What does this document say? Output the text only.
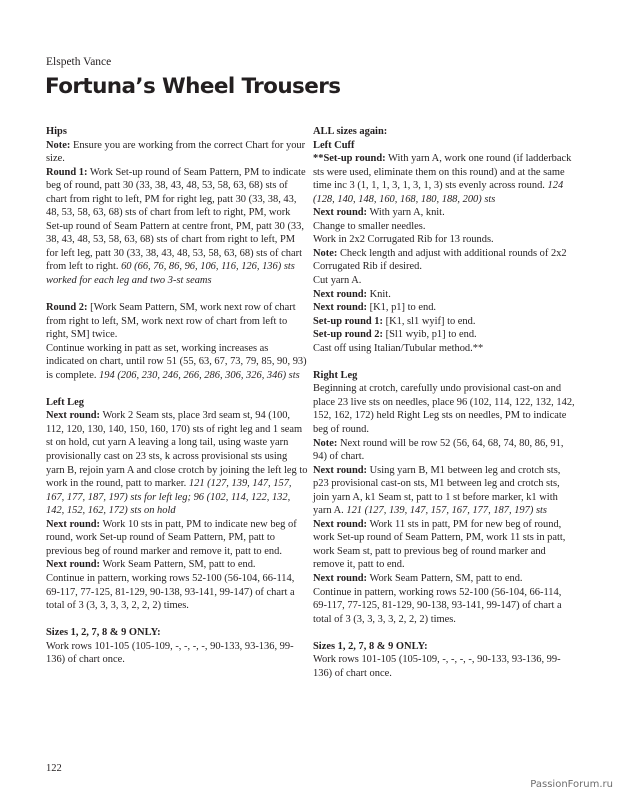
Elspeth Vance
Fortuna’s Wheel Trousers

Hips

Note: Ensure you are working from the correct Chart for your size.

Round 1: Work Set-up round of Seam Pattern, PM to indicate beg of round, patt 30 (33, 38, 43, 48, 53, 58, 63, 68) sts of chart from right to left, PM for right leg, patt 30 (33, 38, 43, 48, 53, 58, 63, 68) sts of chart from left to right, PM, work Set-up round of Seam Pattern at centre front, PM, patt 30 (33, 38, 43, 48, 53, 58, 63, 68) sts of chart from right to left, PM for left leg, patt 30 (33, 38, 43, 48, 53, 58, 63, 68) sts of chart from left to right. 60 (66, 76, 86, 96, 106, 116, 126, 136) sts worked for each leg and two 3-st seams

Round 2: [Work Seam Pattern, SM, work next row of chart from right to left, SM, work next row of chart from left to right, SM] twice.

Continue working in patt as set, working increases as indicated on chart, until row 51 (55, 63, 67, 73, 79, 85, 90, 93) is complete. 194 (206, 230, 246, 266, 286, 306, 326, 346) sts

Left Leg

Next round: Work 2 Seam sts, place 3rd seam st, 94 (100, 112, 120, 130, 140, 150, 160, 170) sts of right leg and 1 seam st on hold, cut yarn A leaving a long tail, using waste yarn provisionally cast on 23 sts, k across provisional sts using yarn B, rejoin yarn A and close crotch by joining the left leg to work in the round, patt to marker. 121 (127, 139, 147, 157, 167, 177, 187, 197) sts for left leg; 96 (102, 114, 122, 132, 142, 152, 162, 172) sts on hold

Next round: Work 10 sts in patt, PM to indicate new beg of round, work Set-up round of Seam Pattern, PM, patt to previous beg of round marker and remove it, patt to end.

Next round: Work Seam Pattern, SM, patt to end.

Continue in pattern, working rows 52-100 (56-104, 66-114, 69-117, 77-125, 81-129, 90-138, 93-141, 99-147) of chart a total of 3 (3, 3, 3, 3, 2, 2, 2) times.

Sizes 1, 2, 7, 8 & 9 ONLY:

Work rows 101-105 (105-109, -, -, -, -, 90-133, 93-136, 99-136) of chart once.

ALL sizes again:

Left Cuff

**Set-up round: With yarn A, work one round (if ladderback sts were used, eliminate them on this round) and at the same time inc 3 (1, 1, 1, 3, 1, 3, 1, 3) sts evenly across round. 124 (128, 140, 148, 160, 168, 180, 188, 200) sts

Next round: With yarn A, knit.

Change to smaller needles.

Work in 2x2 Corrugated Rib for 13 rounds.

Note: Check length and adjust with additional rounds of 2x2 Corrugated Rib if desired.

Cut yarn A.

Next round: Knit.

Next round: [K1, p1] to end.

Set-up round 1: [K1, sl1 wyif] to end.

Set-up round 2: [Sl1 wyib, p1] to end.

Cast off using Italian/Tubular method.**

Right Leg

Beginning at crotch, carefully undo provisional cast-on and place 23 live sts on needles, place 96 (102, 114, 122, 132, 142, 152, 162, 172) held Right Leg sts on needles, PM to indicate beg of round.

Note: Next round will be row 52 (56, 64, 68, 74, 80, 86, 91, 94) of chart.

Next round: Using yarn B, M1 between leg and crotch sts, p23 provisional cast-on sts, M1 between leg and crotch sts, join yarn A, k1 Seam st, patt to 1 st before marker, k1 with yarn A. 121 (127, 139, 147, 157, 167, 177, 187, 197) sts

Next round: Work 11 sts in patt, PM for new beg of round, work Set-up round of Seam Pattern, PM, work 11 sts in patt, work Seam st, patt to previous beg of round marker and remove it, patt to end.

Next round: Work Seam Pattern, SM, patt to end.

Continue in pattern, working rows 52-100 (56-104, 66-114, 69-117, 77-125, 81-129, 90-138, 93-141, 99-147) of chart a total of 3 (3, 3, 3, 3, 2, 2, 2) times.

Sizes 1, 2, 7, 8 & 9 ONLY:

Work rows 101-105 (105-109, -, -, -, -, 90-133, 93-136, 99-136) of chart once.

122
PassionForum.ru
